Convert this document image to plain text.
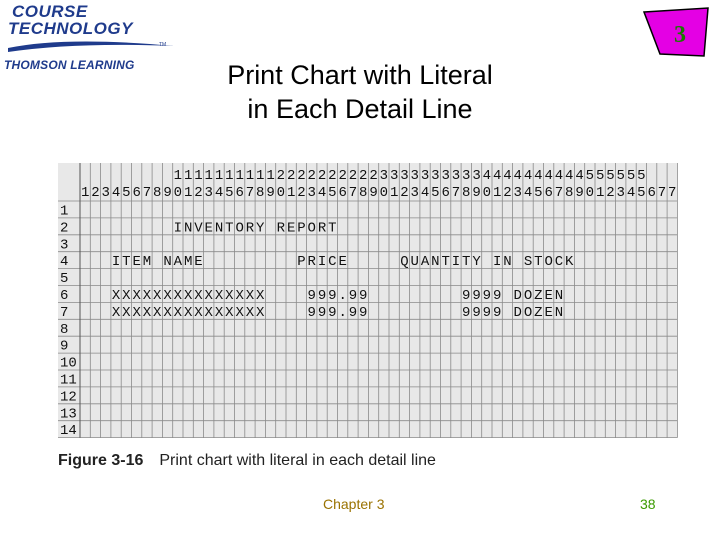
COURSE
TECHNOLOGY
TM
THOMSON LEARNING
3
Print Chart with Literal
in Each Detail Line
1 1 1 1 1 1 1 1 1 1 2 2 2 2 2 2 2 2 2 2 3 3 3 3 3 3 3 3 3 3 4 4 4 4 4 4 4 4 4 4 5 5 5 5 5 5
1 2 3 4 5 6 7 8 9 0 1 2 3 4 5 6 7 8 9 0 1 2 3 4 5 6 7 8 9 0 1 2 3 4 5 6 7 8 9 0 1 2 3 4 5 6 7 8 9 0 1 2 3 4 5 6 7 7
1
2	I N V E N T O R Y R E P O R T
3
4	I T E M N A M E	P R I C E	Q U A N T I T Y I N S T O C K
5
6	X X X X X X X X X X X X X X X	9 9 9 . 9 9	9 9 9 9 D O Z E N
7	X X X X X X X X X X X X X X X	9 9 9 . 9 9	9 9 9 9 D O Z E N
8
9
10
11
12
13
14
Figure 3-16 Print chart with literal in each detail line
Chapter 3	38
